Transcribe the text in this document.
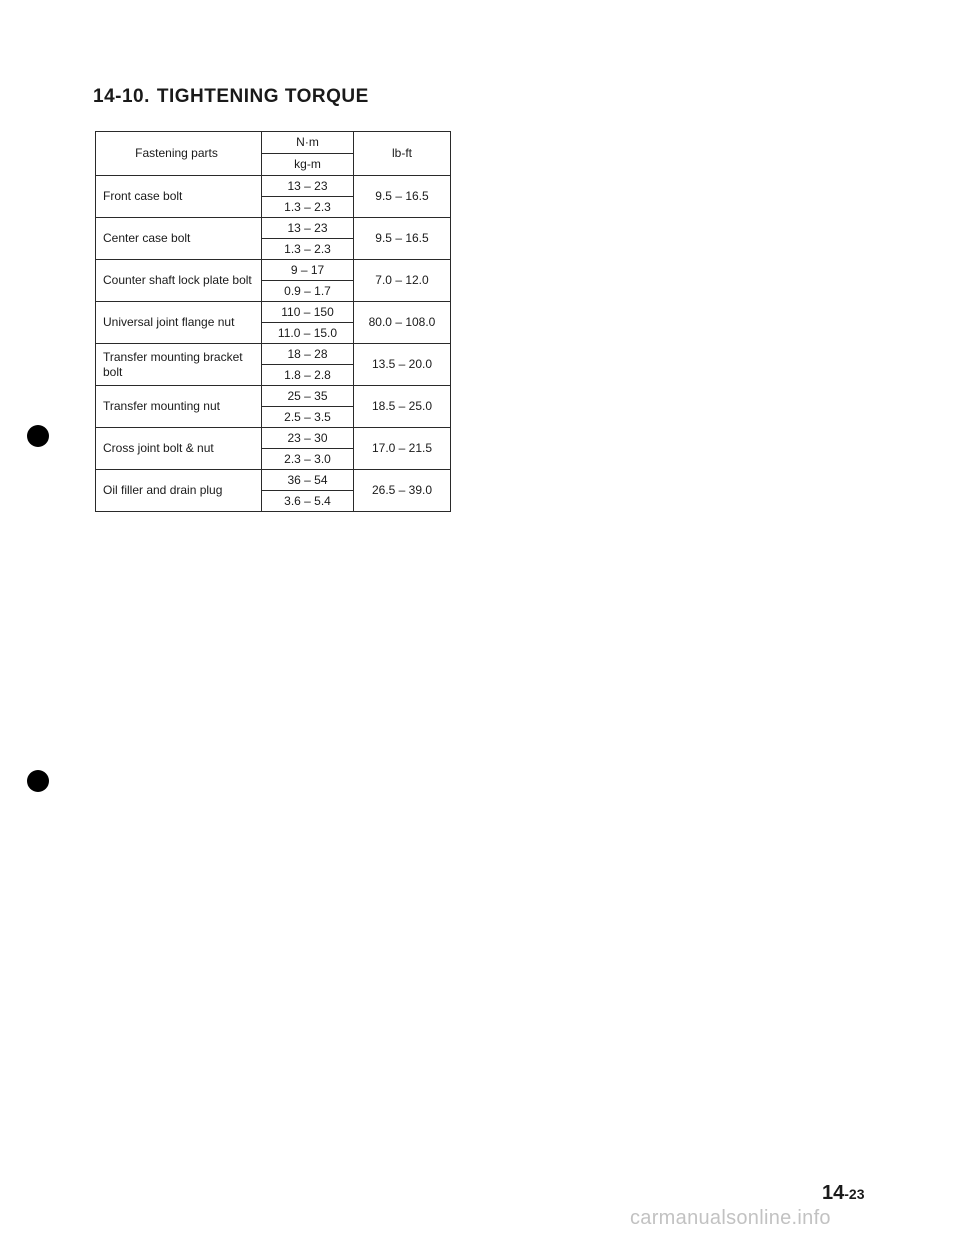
14-10. TIGHTENING TORQUE
Fastening parts	N·m	lb-ft
	kg-m	
Front case bolt	13 – 23	9.5 – 16.5
	1.3 – 2.3	
Center case bolt	13 – 23	9.5 – 16.5
	1.3 – 2.3	
Counter shaft lock plate bolt	9 – 17	7.0 – 12.0
	0.9 – 1.7	
Universal joint flange nut	110 – 150	80.0 – 108.0
	11.0 – 15.0	
Transfer mounting bracket bolt	18 – 28	13.5 – 20.0
	1.8 – 2.8	
Transfer mounting nut	25 – 35	18.5 – 25.0
	2.5 – 3.5	
Cross joint bolt & nut	23 – 30	17.0 – 21.5
	2.3 – 3.0	
Oil filler and drain plug	36 – 54	26.5 – 39.0
	3.6 – 5.4	
14-23
carmanualsonline.info
